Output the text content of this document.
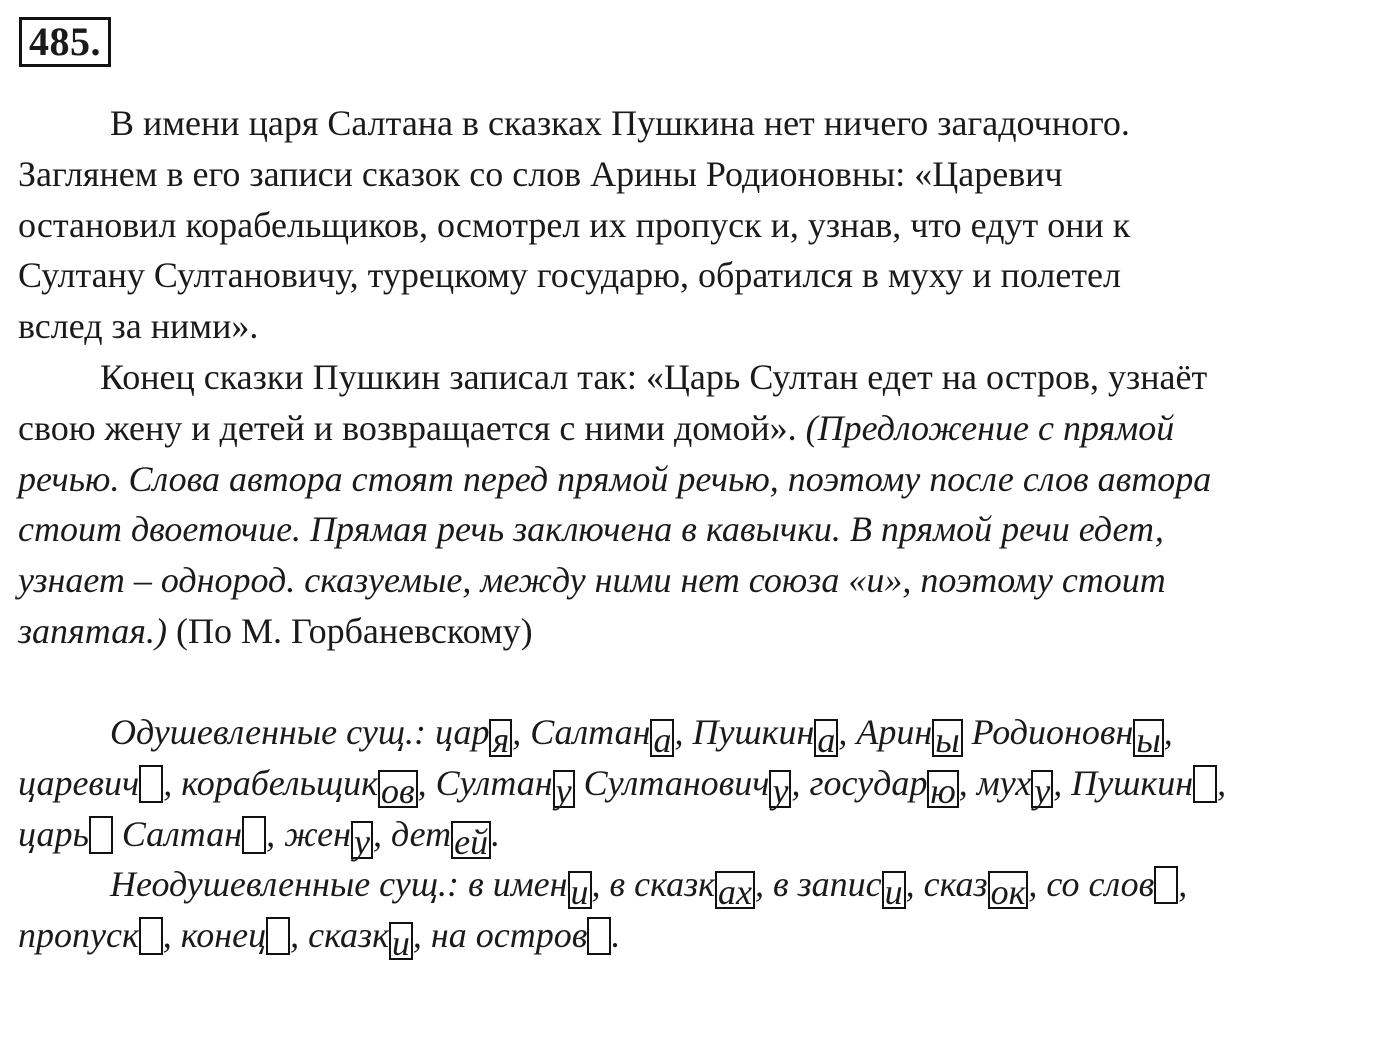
485.
В имени царя Салтана в сказках Пушкина нет ничего загадочного.
Заглянем в его записи сказок со слов Арины Родионовны: «Царевич
остановил корабельщиков, осмотрел их пропуск и, узнав, что едут они к
Султану Султановичу, турецкому государю, обратился в муху и полетел
вслед за ними».
Конец сказки Пушкин записал так: «Царь Султан едет на остров, узнаёт
свою жену и детей и возвращается с ними домой». (Предложение с прямой
речью. Слова автора стоят перед прямой речью, поэтому после слов автора
стоит двоеточие. Прямая речь заключена в кавычки. В прямой речи едет,
узнает – однород. сказуемые, между ними нет союза «и», поэтому стоит
запятая.) (По М. Горбаневскому)
Одушевленные сущ.: царя, Салтана, Пушкина, Арины Родионовны,
царевич , корабельщиков, Султану Султановичу, государю, муху, Пушкин ,
царь Салтан , жену, детей.
Неодушевленные сущ.: в имени, в сказках, в записи, сказок, со слов ,
пропуск , конец , сказки, на остров .
